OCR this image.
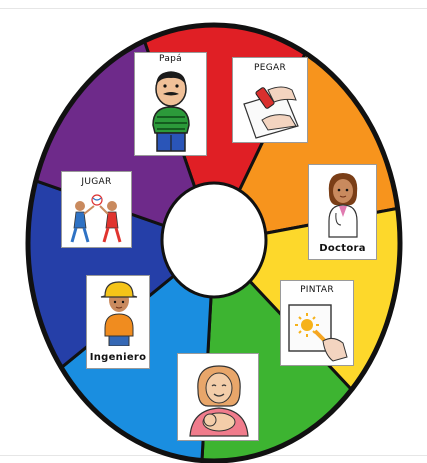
Papá
PEGAR
Doctora
PINTAR
Ingeniero
JUGAR
